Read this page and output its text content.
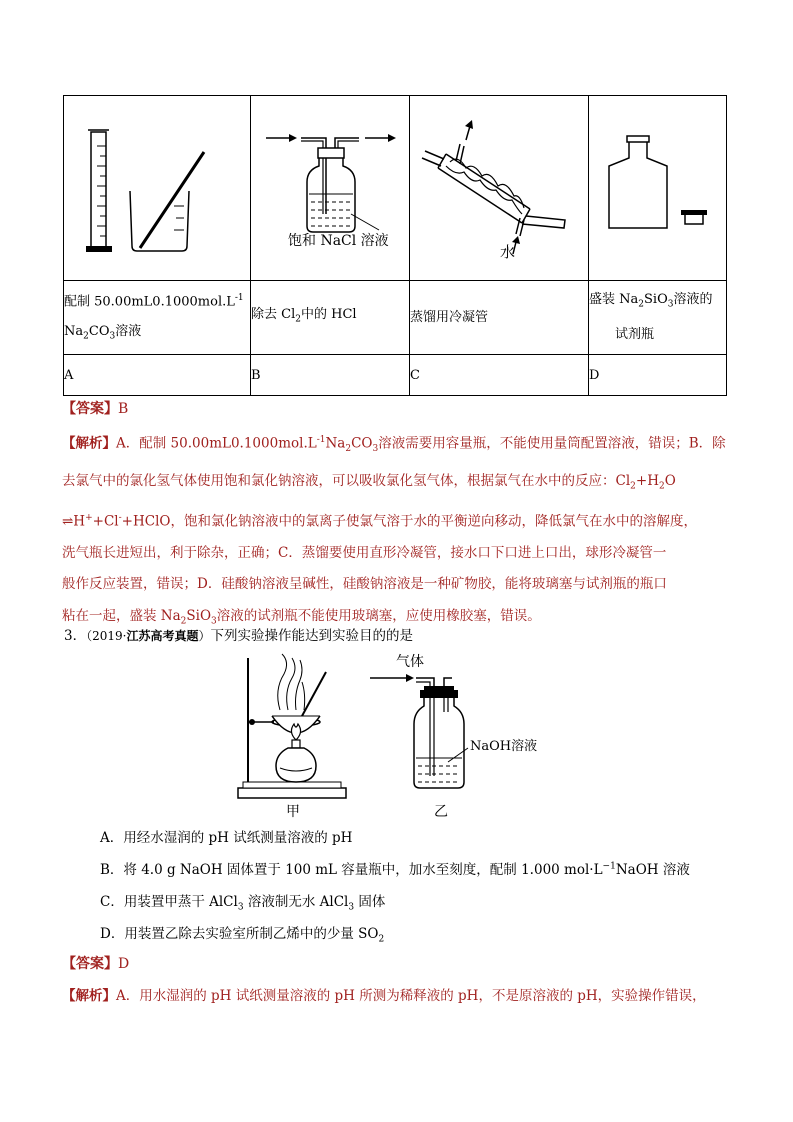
饱和 NaCl 溶液	水

配制 $50.00mL0.1000mol.L^{-1}$
$Na_2CO_3$溶液	除去 $Cl_2$中的 HCl	蒸馏用冷凝管	盛装 $Na_2SiO_3$溶液的
试剂瓶
A	B	C	D
【答案】B
【解析】A．配制 $50.00mL0.1000mol.L^{-1}Na_2CO_3$溶液需要用容量瓶，不能使用量筒配置溶液，错误；B．除
去氯气中的氯化氢气体使用饱和氯化钠溶液，可以吸收氯化氢气体，根据氯气在水中的反应：$Cl_2+H_2O$
⇌H++Cl-+HClO，饱和氯化钠溶液中的氯离子使氯气溶于水的平衡逆向移动，降低氯气在水中的溶解度，
洗气瓶长进短出，利于除杂，正确；C．蒸馏要使用直形冷凝管，接水口下口进上口出，球形冷凝管一
般作反应装置，错误；D．硅酸钠溶液呈碱性，硅酸钠溶液是一种矿物胶，能将玻璃塞与试剂瓶的瓶口
粘在一起，盛装 $Na_2SiO_3$溶液的试剂瓶不能使用玻璃塞，应使用橡胶塞，错误。
3．（2019·江苏高考真题）下列实验操作能达到实验目的的是
甲
气体
NaOH溶液
乙
A．用经水湿润的 pH 试纸测量溶液的 pH
B．将 4.0 g NaOH 固体置于 100 mL 容量瓶中，加水至刻度，配制 1.000 $mol\cdot L^{-1}NaOH$ 溶液
C．用装置甲蒸干 AlCl$_3$ 溶液制无水 AlCl$_3$ 固体
D．用装置乙除去实验室所制乙烯中的少量 $SO_2$
【答案】D
【解析】A．用水湿润的 pH 试纸测量溶液的 pH 所测为稀释液的 pH，不是原溶液的 pH，实验操作错误，
